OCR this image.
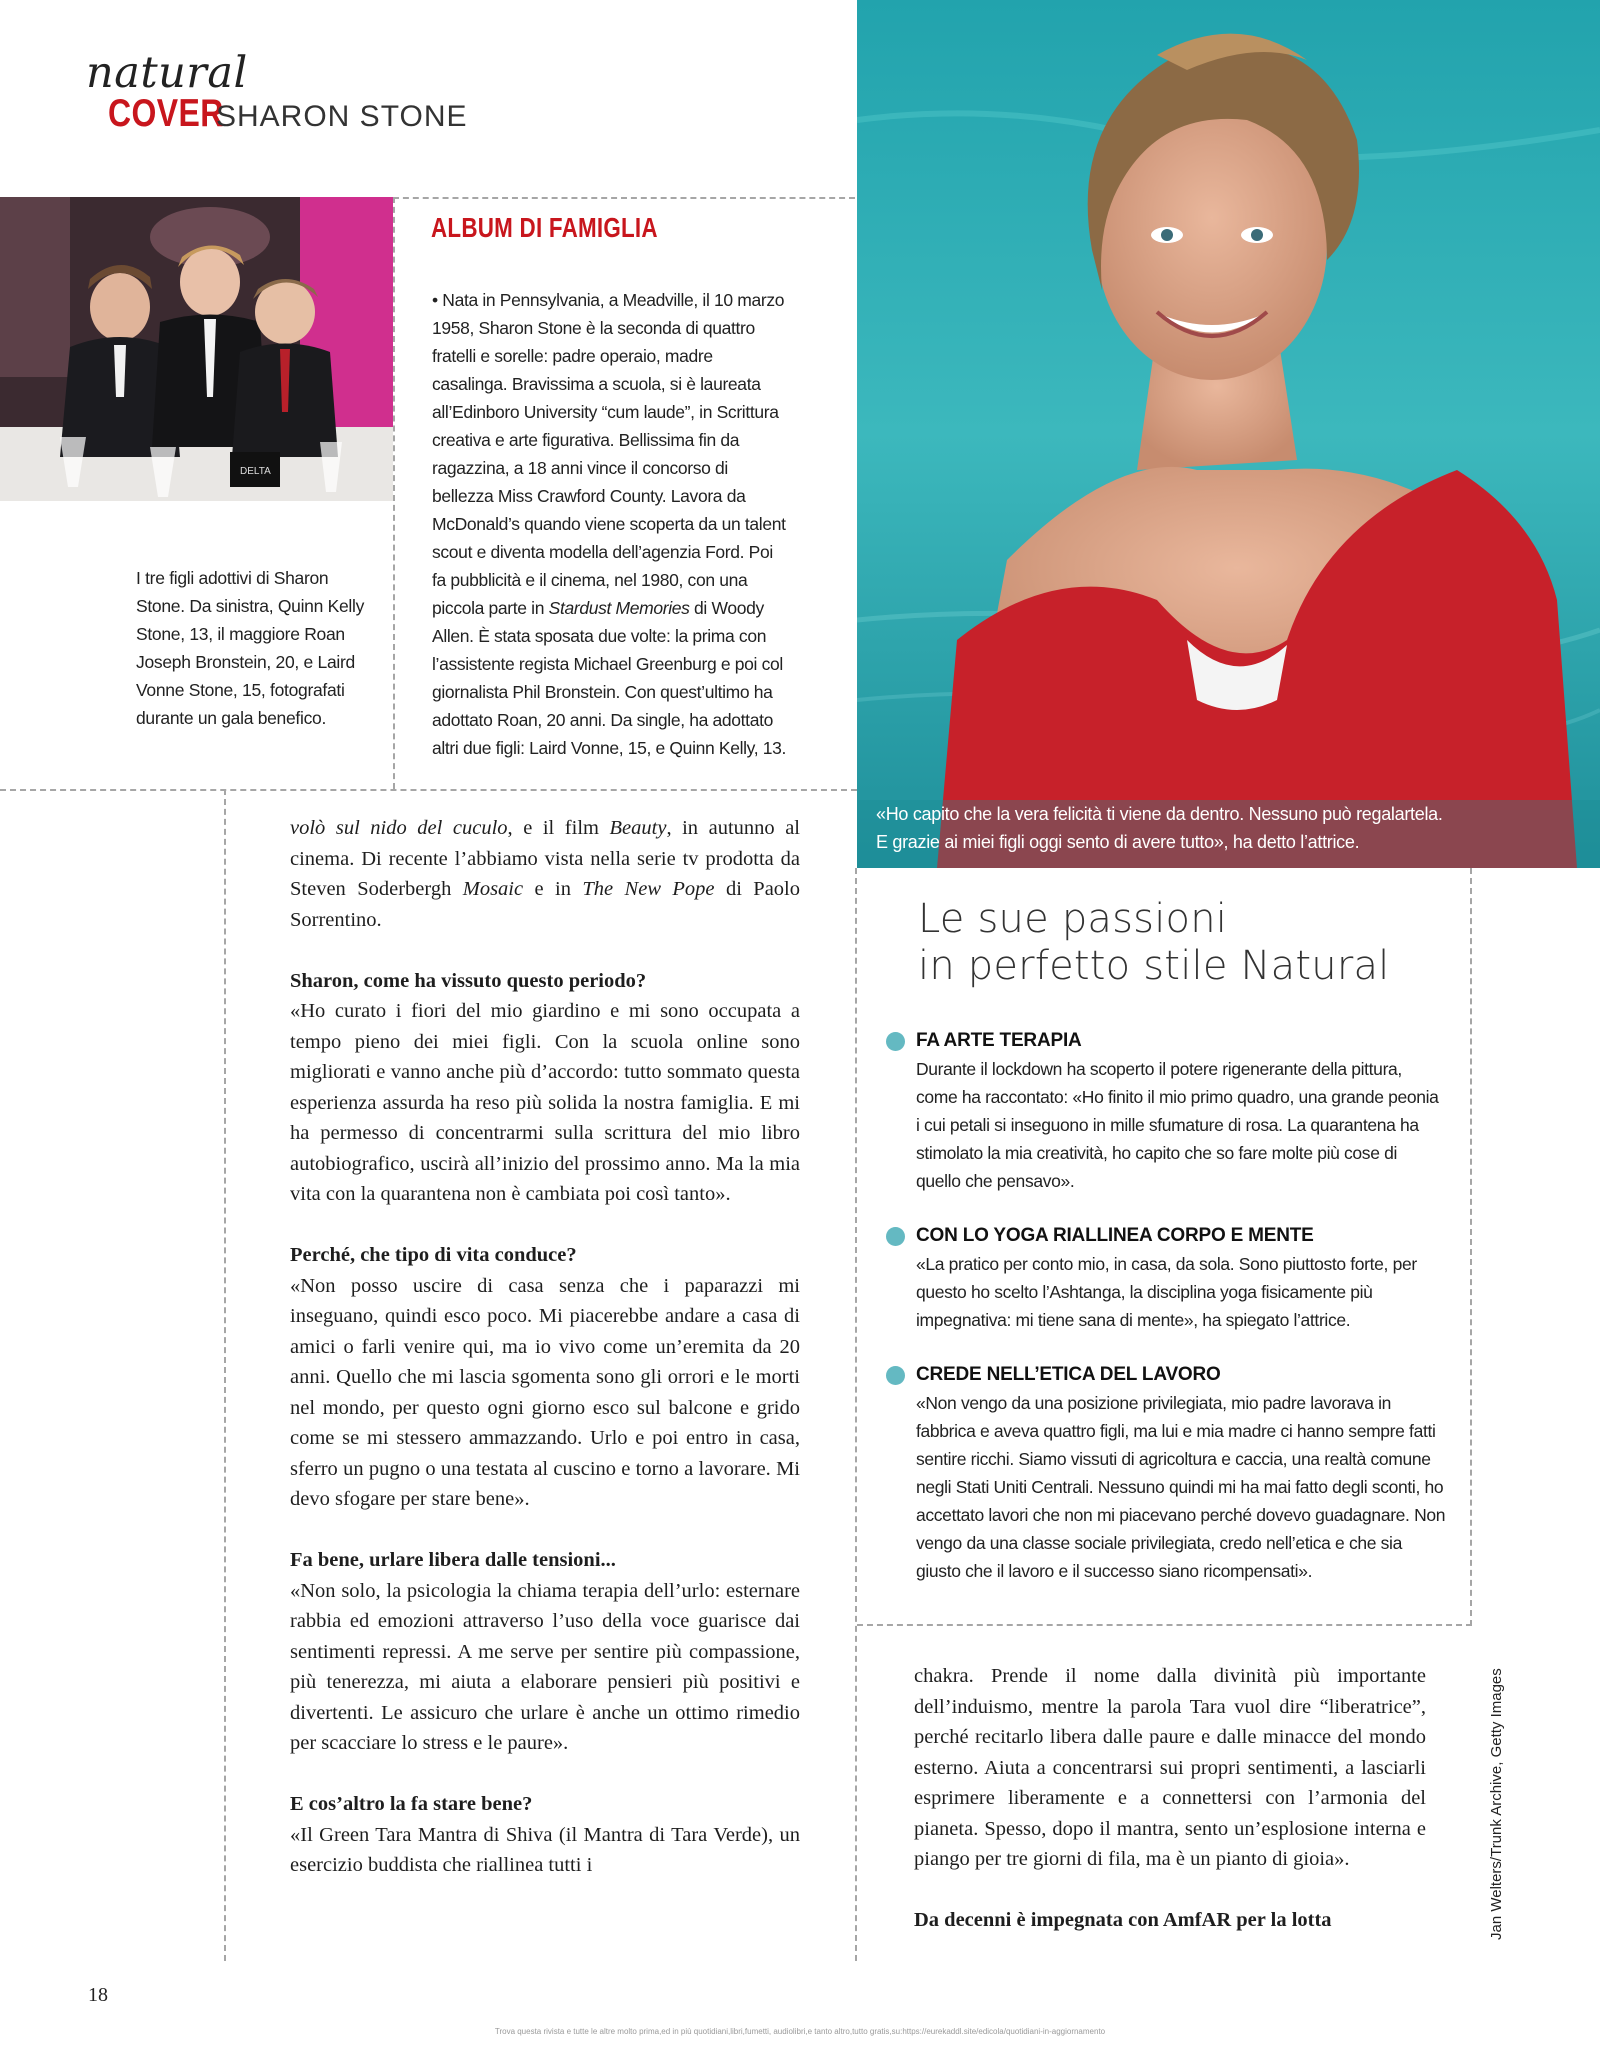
natural
COVER
SHARON STONE
DELTA
I tre figli adottivi di Sharon Stone. Da sinistra, Quinn Kelly Stone, 13, il maggiore Roan Joseph Bronstein, 20, e Laird Vonne Stone, 15, fotografati durante un gala benefico.
ALBUM DI FAMIGLIA
• Nata in Pennsylvania, a Meadville, il 10 marzo 1958, Sharon Stone è la seconda di quattro fratelli e sorelle: padre operaio, madre casalinga. Bravissima a scuola, si è laureata all’Edinboro University “cum laude”, in Scrittura creativa e arte figurativa. Bellissima fin da ragazzina, a 18 anni vince il concorso di bellezza Miss Crawford County. Lavora da McDonald’s quando viene scoperta da un talent scout e diventa modella dell’agenzia Ford. Poi fa pubblicità e il cinema, nel 1980, con una piccola parte in Stardust Memories di Woody Allen. È stata sposata due volte: la prima con l’assistente regista Michael Greenburg e poi col giornalista Phil Bronstein. Con quest’ultimo ha adottato Roan, 20 anni. Da single, ha adottato altri due figli: Laird Vonne, 15, e Quinn Kelly, 13.
«Ho capito che la vera felicità ti viene da dentro. Nessuno può regalartela.
E grazie ai miei figli oggi sento di avere tutto», ha detto l’attrice.

volò sul nido del cuculo, e il film Beauty, in autunno al cinema. Di recente l’abbiamo vista nella serie tv prodotta da Steven Soderbergh Mosaic e in The New Pope di Paolo Sorrentino.

Sharon, come ha vissuto questo periodo?

«Ho curato i fiori del mio giardino e mi sono occupata a tempo pieno dei miei figli. Con la scuola online sono migliorati e vanno anche più d’accordo: tutto sommato questa esperienza assurda ha reso più solida la nostra famiglia. E mi ha permesso di concentrarmi sulla scrittura del mio libro autobiografico, uscirà all’inizio del prossimo anno. Ma la mia vita con la quarantena non è cambiata poi così tanto».

Perché, che tipo di vita conduce?

«Non posso uscire di casa senza che i paparazzi mi inseguano, quindi esco poco. Mi piacerebbe andare a casa di amici o farli venire qui, ma io vivo come un’eremita da 20 anni. Quello che mi lascia sgomenta sono gli orrori e le morti nel mondo, per questo ogni giorno esco sul balcone e grido come se mi stessero ammazzando. Urlo e poi entro in casa, sferro un pugno o una testata al cuscino e torno a lavorare. Mi devo sfogare per stare bene».

Fa bene, urlare libera dalle tensioni...

«Non solo, la psicologia la chiama terapia dell’urlo: esternare rabbia ed emozioni attraverso l’uso della voce guarisce dai sentimenti repressi. A me serve per sentire più compassione, più tenerezza, mi aiuta a elaborare pensieri più positivi e divertenti. Le assicuro che urlare è anche un ottimo rimedio per scacciare lo stress e le paure».

E cos’altro la fa stare bene?

«Il Green Tara Mantra di Shiva (il Mantra di Tara Verde), un esercizio buddista che riallinea tutti i

Le sue passioni
in perfetto stile Natural
FA ARTE TERAPIA
Durante il lockdown ha scoperto il potere rigenerante della pittura, come ha raccontato: «Ho finito il mio primo quadro, una grande peonia i cui petali si inseguono in mille sfumature di rosa. La quarantena ha stimolato la mia creatività, ho capito che so fare molte più cose di quello che pensavo».
CON LO YOGA RIALLINEA CORPO E MENTE
«La pratico per conto mio, in casa, da sola. Sono piuttosto forte, per questo ho scelto l’Ashtanga, la disciplina yoga fisicamente più impegnativa: mi tiene sana di mente», ha spiegato l’attrice.
CREDE NELL’ETICA DEL LAVORO
«Non vengo da una posizione privilegiata, mio padre lavorava in fabbrica e aveva quattro figli, ma lui e mia madre ci hanno sempre fatti sentire ricchi. Siamo vissuti di agricoltura e caccia, una realtà comune negli Stati Uniti Centrali. Nessuno quindi mi ha mai fatto degli sconti, ho accettato lavori che non mi piacevano perché dovevo guadagnare. Non vengo da una classe sociale privilegiata, credo nell’etica e che sia giusto che il lavoro e il successo siano ricompensati».

chakra. Prende il nome dalla divinità più importante dell’induismo, mentre la parola Tara vuol dire “liberatrice”, perché recitarlo libera dalle paure e dalle minacce del mondo esterno. Aiuta a concentrarsi sui propri sentimenti, a lasciarli esprimere liberamente e a connettersi con l’armonia del pianeta. Spesso, dopo il mantra, sento un’esplosione interna e piango per tre giorni di fila, ma è un pianto di gioia».

Da decenni è impegnata con AmfAR per la lotta

18
Jan Welters/Trunk Archive, Getty Images
Trova questa rivista e tutte le altre molto prima,ed in più quotidiani,libri,fumetti, audiolibri,e tanto altro,tutto gratis,su:https://eurekaddl.site/edicola/quotidiani-in-aggiornamento
